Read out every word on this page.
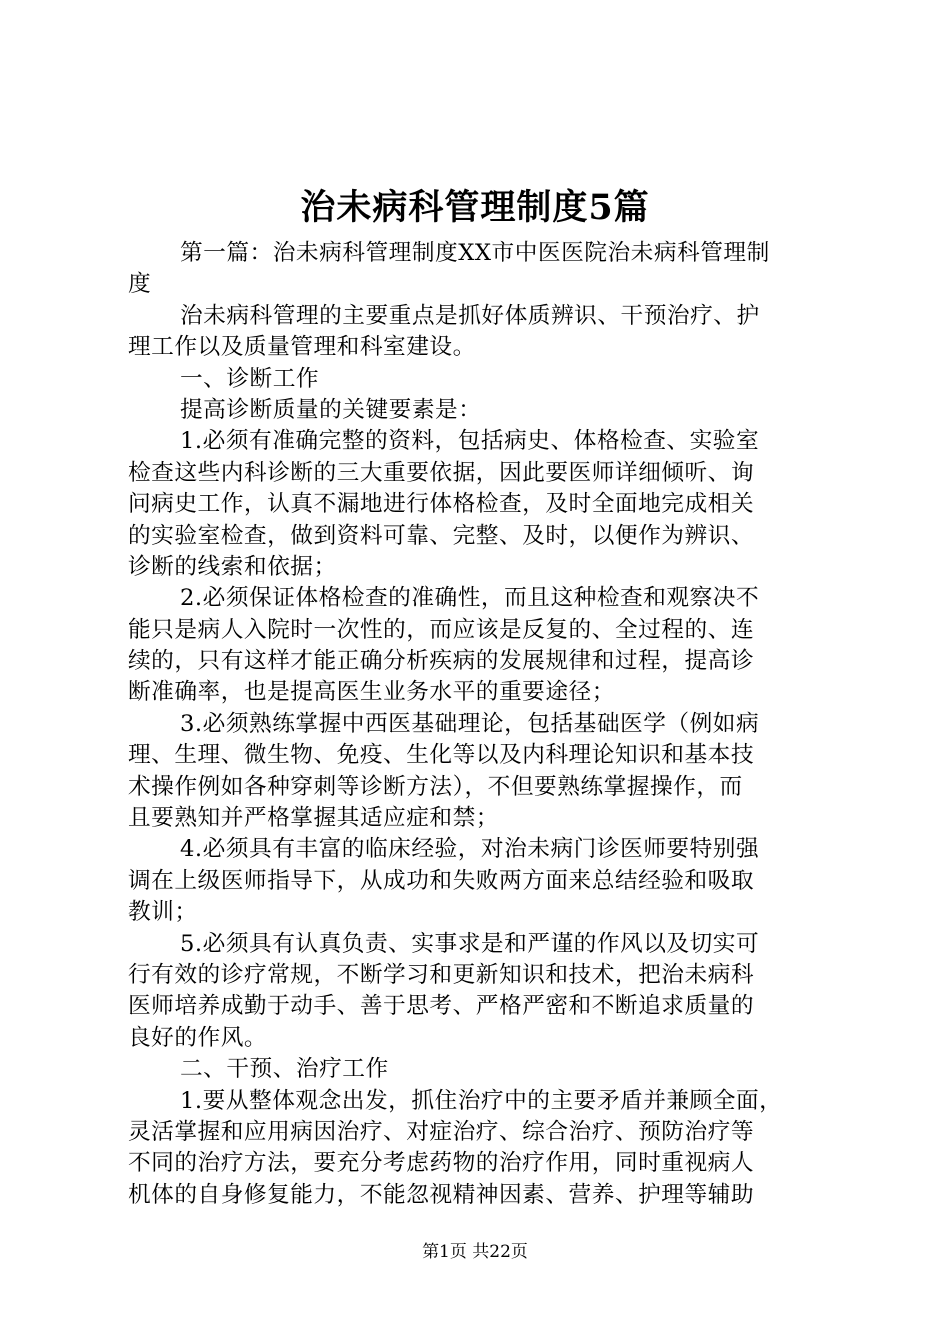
治未病科管理制度5篇
第一篇：治未病科管理制度XX市中医医院治未病科管理制
度
治未病科管理的主要重点是抓好体质辨识、干预治疗、护
理工作以及质量管理和科室建设。
一、诊断工作
提高诊断质量的关键要素是：
1.必须有准确完整的资料，包括病史、体格检查、实验室
检查这些内科诊断的三大重要依据，因此要医师详细倾听、询
问病史工作，认真不漏地进行体格检查，及时全面地完成相关
的实验室检查，做到资料可靠、完整、及时，以便作为辨识、
诊断的线索和依据；
2.必须保证体格检查的准确性，而且这种检查和观察决不
能只是病人入院时一次性的，而应该是反复的、全过程的、连
续的，只有这样才能正确分析疾病的发展规律和过程，提高诊
断准确率，也是提高医生业务水平的重要途径；
3.必须熟练掌握中西医基础理论，包括基础医学（例如病
理、生理、微生物、免疫、生化等以及内科理论知识和基本技
术操作例如各种穿刺等诊断方法），不但要熟练掌握操作，而
且要熟知并严格掌握其适应症和禁；
4.必须具有丰富的临床经验，对治未病门诊医师要特别强
调在上级医师指导下，从成功和失败两方面来总结经验和吸取
教训；
5.必须具有认真负责、实事求是和严谨的作风以及切实可
行有效的诊疗常规，不断学习和更新知识和技术，把治未病科
医师培养成勤于动手、善于思考、严格严密和不断追求质量的
良好的作风。
二、干预、治疗工作
1.要从整体观念出发，抓住治疗中的主要矛盾并兼顾全面，
灵活掌握和应用病因治疗、对症治疗、综合治疗、预防治疗等
不同的治疗方法，要充分考虑药物的治疗作用，同时重视病人
机体的自身修复能力，不能忽视精神因素、营养、护理等辅助
第1页 共22页
